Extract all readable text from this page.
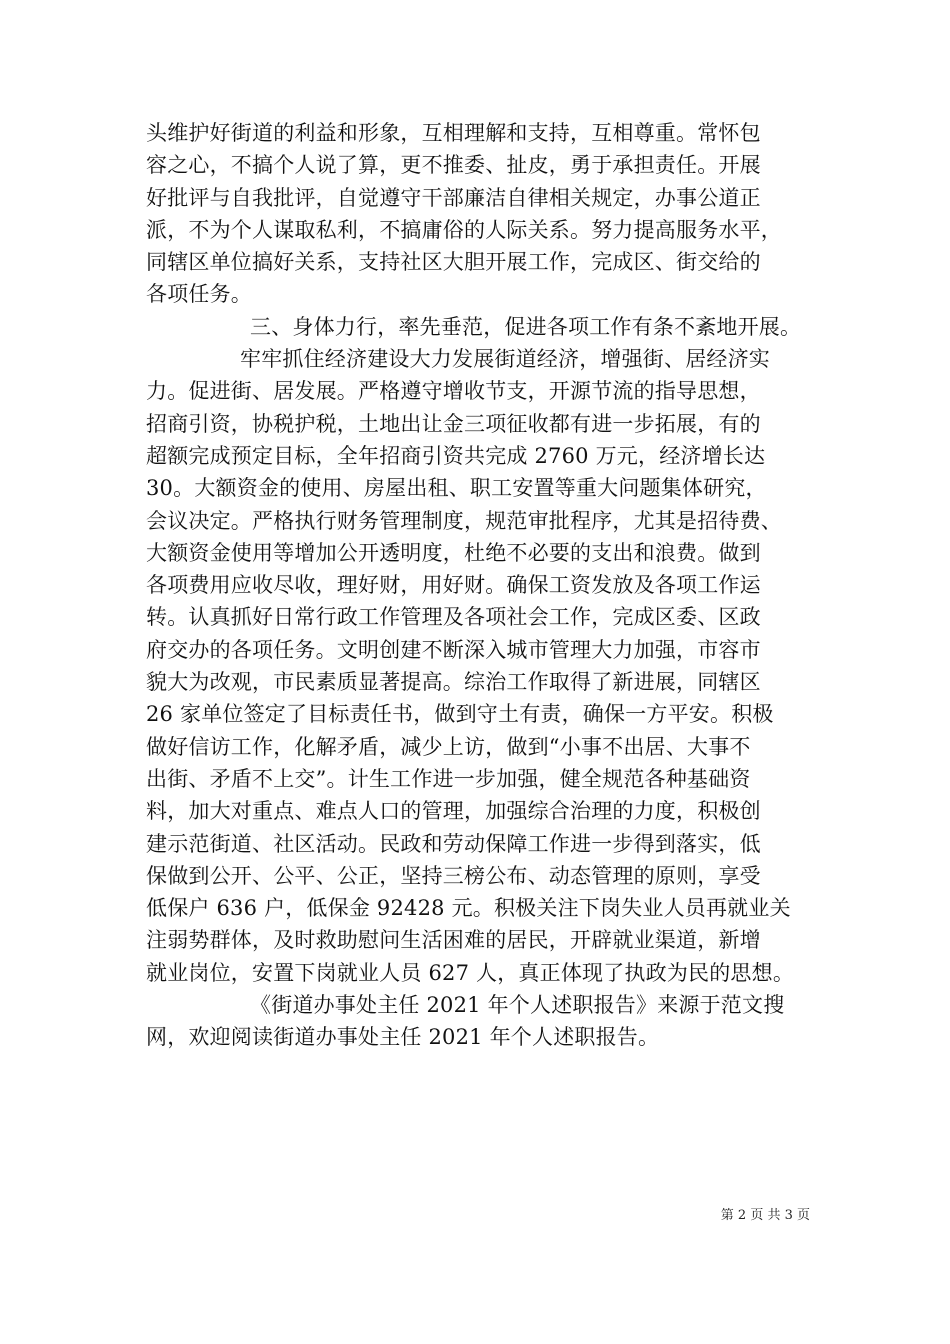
头维护好街道的利益和形象，互相理解和支持，互相尊重。常怀包
容之心，不搞个人说了算，更不推委、扯皮，勇于承担责任。开展
好批评与自我批评，自觉遵守干部廉洁自律相关规定，办事公道正
派，不为个人谋取私利，不搞庸俗的人际关系。努力提高服务水平，
同辖区单位搞好关系，支持社区大胆开展工作，完成区、街交给的
各项任务。
三、身体力行，率先垂范，促进各项工作有条不紊地开展。
牢牢抓住经济建设大力发展街道经济，增强街、居经济实
力。促进街、居发展。严格遵守增收节支，开源节流的指导思想，
招商引资，协税护税，土地出让金三项征收都有进一步拓展，有的
超额完成预定目标，全年招商引资共完成 2760 万元，经济增长达
30。大额资金的使用、房屋出租、职工安置等重大问题集体研究，
会议决定。严格执行财务管理制度，规范审批程序，尤其是招待费、
大额资金使用等增加公开透明度，杜绝不必要的支出和浪费。做到
各项费用应收尽收，理好财，用好财。确保工资发放及各项工作运
转。认真抓好日常行政工作管理及各项社会工作，完成区委、区政
府交办的各项任务。文明创建不断深入城市管理大力加强，市容市
貌大为改观，市民素质显著提高。综治工作取得了新进展，同辖区
26 家单位签定了目标责任书，做到守土有责，确保一方平安。积极
做好信访工作，化解矛盾，减少上访，做到“小事不出居、大事不
出街、矛盾不上交”。计生工作进一步加强，健全规范各种基础资
料，加大对重点、难点人口的管理，加强综合治理的力度，积极创
建示范街道、社区活动。民政和劳动保障工作进一步得到落实，低
保做到公开、公平、公正，坚持三榜公布、动态管理的原则，享受
低保户 636 户，低保金 92428 元。积极关注下岗失业人员再就业关
注弱势群体，及时救助慰问生活困难的居民，开辟就业渠道，新增
就业岗位，安置下岗就业人员 627 人，真正体现了执政为民的思想。
《街道办事处主任 2021 年个人述职报告》来源于范文搜
网，欢迎阅读街道办事处主任 2021 年个人述职报告。
第 2 页 共 3 页
